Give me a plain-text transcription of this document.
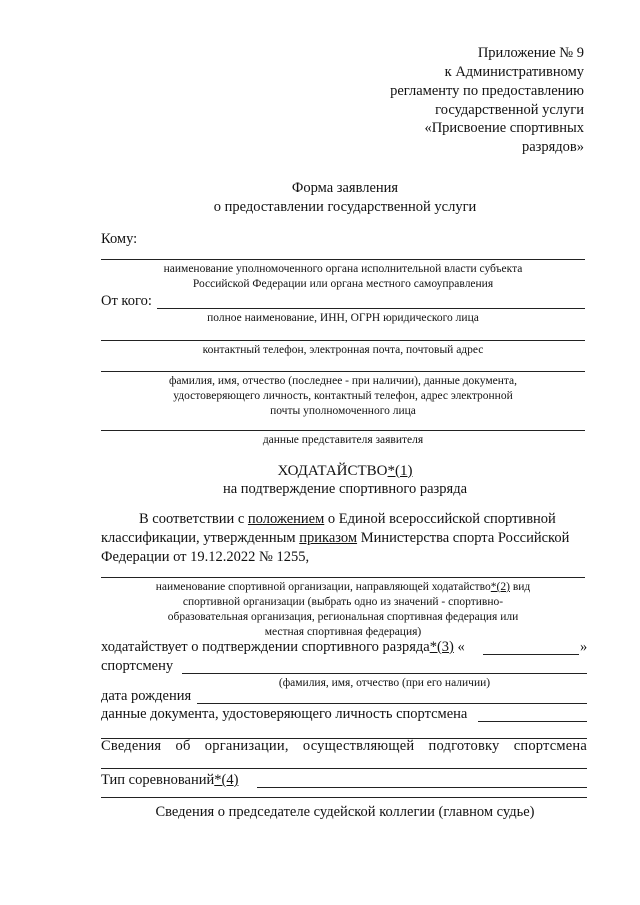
Приложение № 9
к Административному
регламенту по предоставлению
государственной услуги
«Присвоение спортивных
разрядов»
Форма заявления
о предоставлении государственной услуги
Кому:
наименование уполномоченного органа исполнительной власти субъекта
Российской Федерации или органа местного самоуправления
От кого:
полное наименование, ИНН, ОГРН юридического лица
контактный телефон, электронная почта, почтовый адрес
фамилия, имя, отчество (последнее - при наличии), данные документа,
удостоверяющего личность, контактный телефон, адрес электронной
почты уполномоченного лица
данные представителя заявителя
ХОДАТАЙСТВО*(1)
на подтверждение спортивного разряда
В соответствии с положением о Единой всероссийской спортивной
классификации, утвержденным приказом Министерства спорта Российской
Федерации от 19.12.2022 № 1255,
наименование спортивной организации, направляющей ходатайство*(2) вид
спортивной организации (выбрать одно из значений - спортивно-
образовательная организация, региональная спортивная федерация или
местная спортивная федерация)
ходатайствует о подтверждении спортивного разряда*(3) «	»
спортсмену
(фамилия, имя, отчество (при его наличии)
дата рождения
данные документа, удостоверяющего личность спортсмена
Сведения об организации, осуществляющей подготовку спортсмена
Тип соревнований*(4)
Сведения о председателе судейской коллегии (главном судье)
